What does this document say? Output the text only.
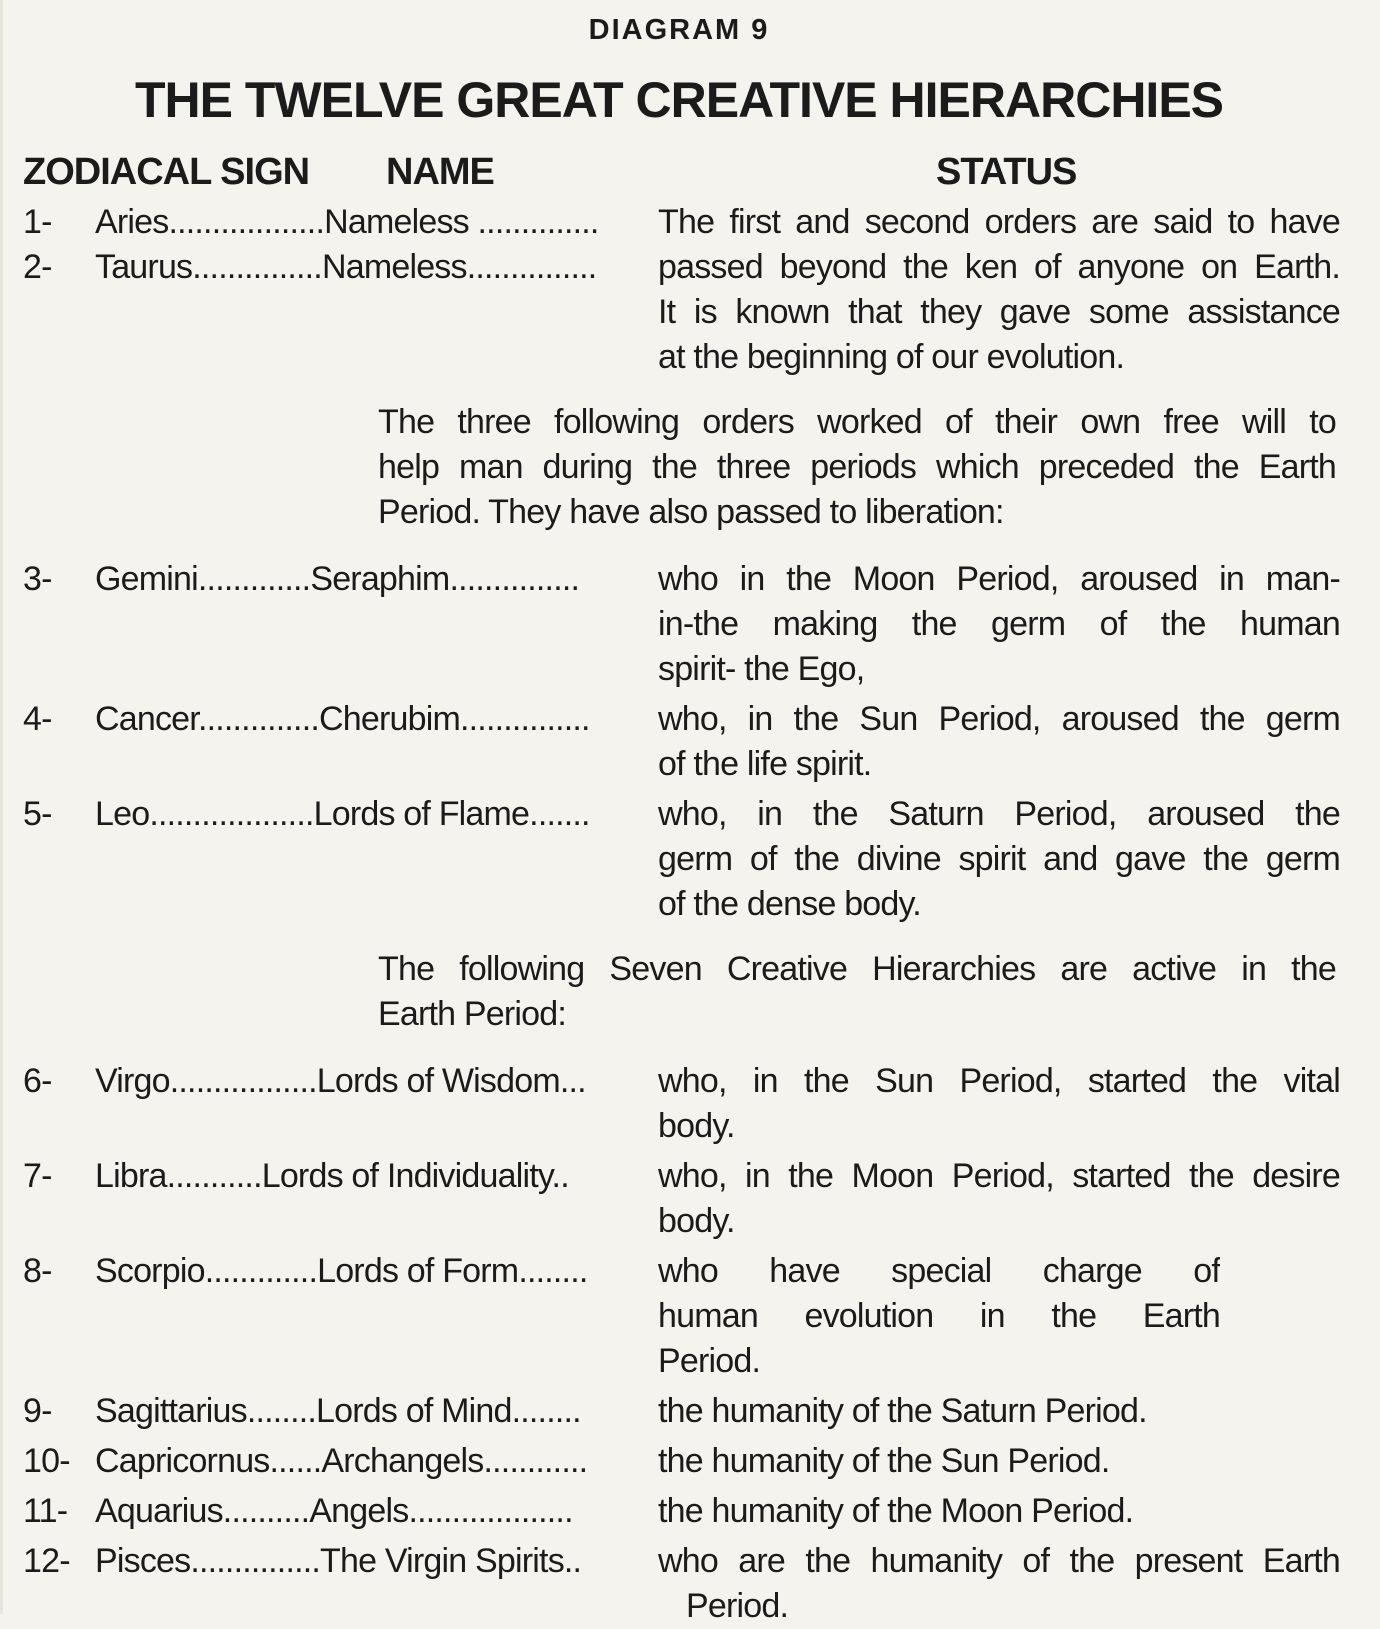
DIAGRAM 9
THE TWELVE GREAT CREATIVE HIERARCHIES
ZODIACAL SIGN NAME	STATUS
1- Aries..................Nameless ..............
2- Taurus...............Nameless...............
The first and second orders are said to have
passed beyond the ken of anyone on Earth.
It is known that they gave some assistance
at the beginning of our evolution.
The three following orders worked of their own free will to
help man during the three periods which preceded the Earth
Period. They have also passed to liberation:
3- Gemini.............Seraphim...............	who in the Moon Period, aroused in man-
in-the making the germ of the human
spirit- the Ego,
4- Cancer..............Cherubim...............	who, in the Sun Period, aroused the germ
of the life spirit.
5- Leo...................Lords of Flame.......	who, in the Saturn Period, aroused the
germ of the divine spirit and gave the germ
of the dense body.
The following Seven Creative Hierarchies are active in the
Earth Period:
6- Virgo.................Lords of Wisdom...	who, in the Sun Period, started the vital
body.
7- Libra...........Lords of Individuality..	who, in the Moon Period, started the desire
body.
8- Scorpio.............Lords of Form........	who have special charge of
human evolution in the Earth
Period.
9- Sagittarius........Lords of Mind........	the humanity of the Saturn Period.
10- Capricornus......Archangels............	the humanity of the Sun Period.
11- Aquarius..........Angels...................	the humanity of the Moon Period.
12- Pisces...............The Virgin Spirits..	who are the humanity of the present Earth
Period.
